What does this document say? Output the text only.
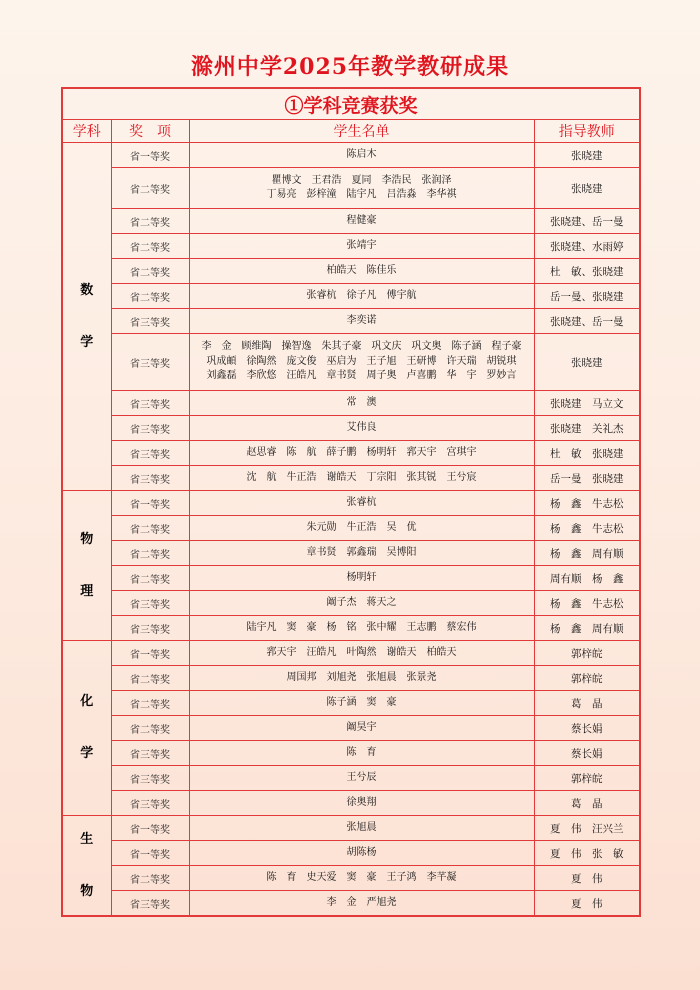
滁州中学2025年教学教研成果
①学科竞赛获奖			
学科	奖　项	学生名单	指导教师

数
学	省一等奖	陈启木	张晓建
	省二等奖	瞿博文　王君浩　夏同　李浩民　张润泽
丁易亮　彭梓潼　陆宇凡　吕浩淼　李华祺	张晓建
	省二等奖	程健豪	张晓建、岳一曼
	省二等奖	张靖宇	张晓建、水雨婷
	省二等奖	柏皓天　陈佳乐	杜　敏、张晓建
	省二等奖	张睿杭　徐子凡　傅宇航	岳一曼、张晓建
	省三等奖	李奕诺	张晓建、岳一曼
	省三等奖	李　金　顾维陶　操智逸　朱其子豪　巩文庆　巩文奥　陈子涵　程子豪
巩成頔　徐陶然　庞文俊　巫启为　王子旭　王研博　许天瑞　胡锐琪
刘鑫磊　李欣悠　汪皓凡　章书贤　周子奥　卢喜鹏　华　宇　罗妙言	张晓建
	省三等奖	常　澳	张晓建　马立文
	省三等奖	艾伟良	张晓建　关礼杰
	省三等奖	赵思睿　陈　航　薛子鹏　杨明轩　郛天宇　宫琪宇	杜　敏　张晓建
	省三等奖	沈　航　牛正浩　谢皓天　丁宗阳　张其锐　王兮宸	岳一曼　张晓建

物
理	省一等奖	张睿杭	杨　鑫　牛志松
	省二等奖	朱元勋　牛正浩　吴　优	杨　鑫　牛志松
	省二等奖	章书贤　郭鑫瑞　吴博阳	杨　鑫　周有顺
	省二等奖	杨明轩	周有顺　杨　鑫
	省三等奖	阚子杰　蒋天之	杨　鑫　牛志松
	省三等奖	陆宇凡　窦　豪　杨　铭　张中耀　王志鹏　蔡宏伟	杨　鑫　周有顺

化
学	省一等奖	郛天宇　汪皓凡　叶陶然　谢皓天　柏皓天	郭梓皖
	省二等奖	周国邦　刘旭尧　张旭晨　张景尧	郭梓皖
	省二等奖	陈子涵　窦　豪	葛　晶
	省二等奖	阚昊宇	蔡长娟
	省三等奖	陈　育	蔡长娟
	省三等奖	王兮辰	郭梓皖
	省三等奖	徐奥翔	葛　晶

生
物	省一等奖	张旭晨	夏　伟　汪兴兰
	省一等奖	胡陈杨	夏　伟　张　敏
	省二等奖	陈　育　史天爱　窦　豪　王子鸿　李芊凝	夏　伟
	省三等奖	李　金　严旭尧	夏　伟
